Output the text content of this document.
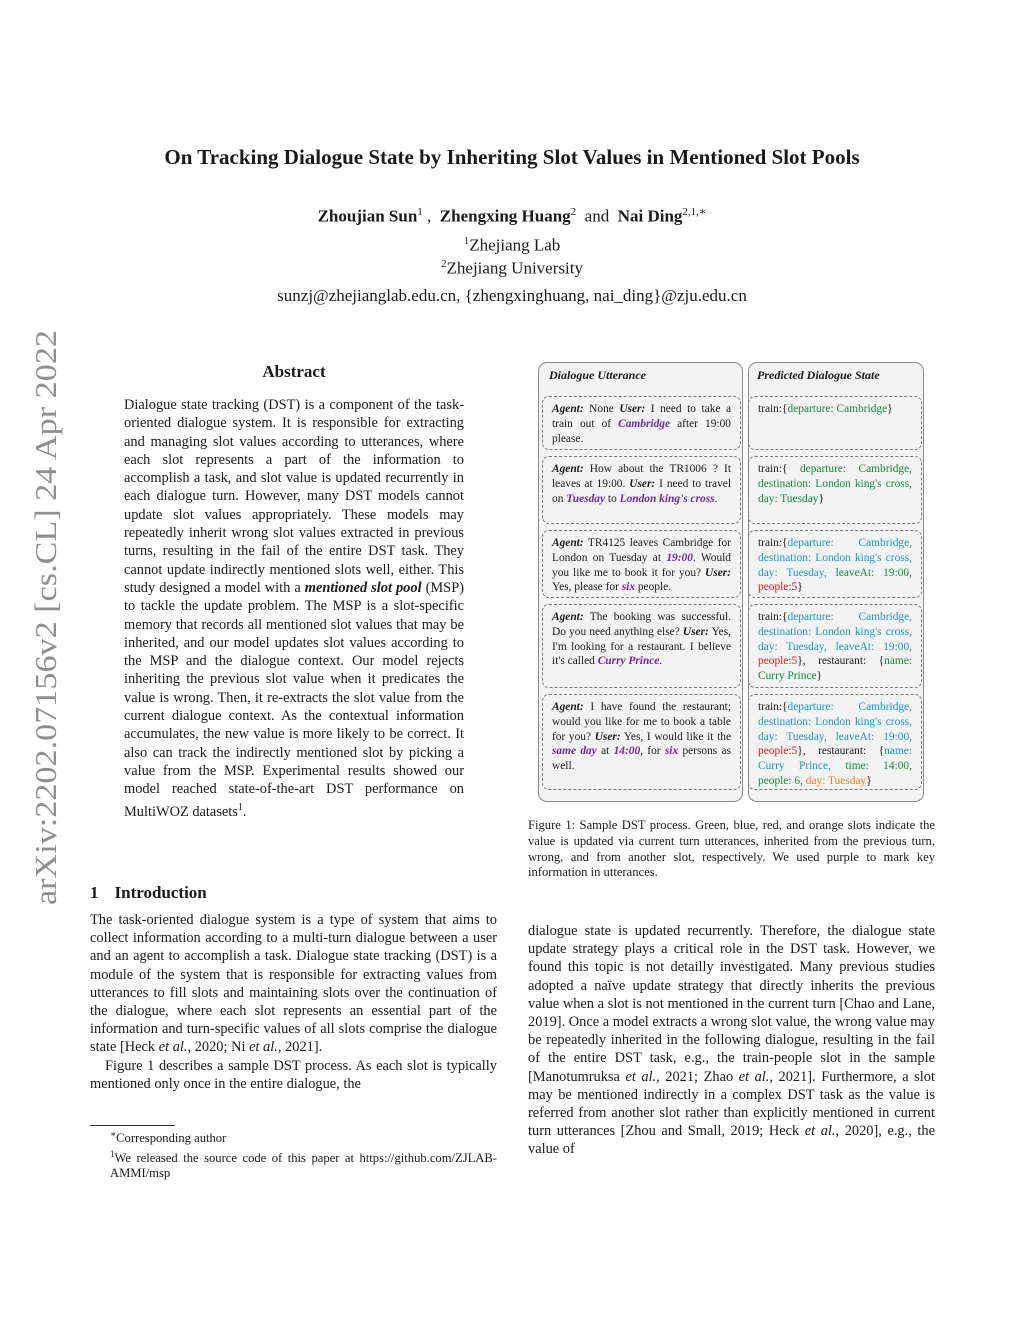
arXiv:2202.07156v2 [cs.CL] 24 Apr 2022
On Tracking Dialogue State by Inheriting Slot Values in Mentioned Slot Pools
Zhoujian Sun$^1$ , Zhengxing Huang$^2$ and Nai Ding$^{2,1,∗}$
$^1$Zhejiang Lab
$^2$Zhejiang University
sunzj@zhejianglab.edu.cn, {zhengxinghuang, nai_ding}@zju.edu.cn
Abstract
Dialogue state tracking (DST) is a component of the task-oriented dialogue system. It is responsible for extracting and managing slot values according to utterances, where each slot represents a part of the information to accomplish a task, and slot value is updated recurrently in each dialogue turn. However, many DST models cannot update slot values appropriately. These models may repeatedly inherit wrong slot values extracted in previous turns, resulting in the fail of the entire DST task. They cannot update indirectly mentioned slots well, either. This study designed a model with a mentioned slot pool (MSP) to tackle the update problem. The MSP is a slot-specific memory that records all mentioned slot values that may be inherited, and our model updates slot values according to the MSP and the dialogue context. Our model rejects inheriting the previous slot value when it predicates the value is wrong. Then, it re-extracts the slot value from the current dialogue context. As the contextual information accumulates, the new value is more likely to be correct. It also can track the indirectly mentioned slot by picking a value from the MSP. Experimental results showed our model reached state-of-the-art DST performance on MultiWOZ datasets$^1$.
1 Introduction
The task-oriented dialogue system is a type of system that aims to collect information according to a multi-turn dialogue between a user and an agent to accomplish a task. Dialogue state tracking (DST) is a module of the system that is responsible for extracting values from utterances to fill slots and maintaining slots over the continuation of the dialogue, where each slot represents an essential part of the information and turn-specific values of all slots comprise the dialogue state [Heck et al., 2020; Ni et al., 2021].
Figure 1 describes a sample DST process. As each slot is typically mentioned only once in the entire dialogue, the
dialogue state is updated recurrently. Therefore, the dialogue state update strategy plays a critical role in the DST task. However, we found this topic is not detailly investigated. Many previous studies adopted a naïve update strategy that directly inherits the previous value when a slot is not mentioned in the current turn [Chao and Lane, 2019]. Once a model extracts a wrong slot value, the wrong value may be repeatedly inherited in the following dialogue, resulting in the fail of the entire DST task, e.g., the train-people slot in the sample [Manotumruksa et al., 2021; Zhao et al., 2021]. Furthermore, a slot may be mentioned indirectly in a complex DST task as the value is referred from another slot rather than explicitly mentioned in current turn utterances [Zhou and Small, 2019; Heck et al., 2020], e.g., the value of
∗Corresponding author
$^1$We released the source code of this paper at https://github.com/ZJLAB-AMMI/msp
Dialogue Utterance	Predicted Dialogue State
Agent: None User: I need to take a train out of Cambridge after 19:00 please.
train:{departure: Cambridge}
Agent: How about the TR1006 ? It leaves at 19:00. User: I need to travel on Tuesday to London king's cross.
train:{ departure: Cambridge, destination: London king's cross, day: Tuesday}
Agent: TR4125 leaves Cambridge for London on Tuesday at 19:00. Would you like me to book it for you? User: Yes, please for six people.
train:{departure: Cambridge, destination: London king's cross, day: Tuesday, leaveAt: 19:00, people:5}
Agent: The booking was successful. Do you need anything else? User: Yes, I'm looking for a restaurant. I believe it's called Curry Prince.
train:{departure: Cambridge, destination: London king's cross, day: Tuesday, leaveAt: 19:00, people:5}, restaurant: {name: Curry Prince}
Agent: I have found the restaurant; would you like for me to book a table for you? User: Yes, I would like it the same day at 14:00, for six persons as well.
train:{departure: Cambridge, destination: London king's cross, day: Tuesday, leaveAt: 19:00, people:5}, restaurant: {name: Curry Prince, time: 14:00, people: 6, day: Tuesday}
Figure 1: Sample DST process. Green, blue, red, and orange slots indicate the value is updated via current turn utterances, inherited from the previous turn, wrong, and from another slot, respectively. We used purple to mark key information in utterances.
